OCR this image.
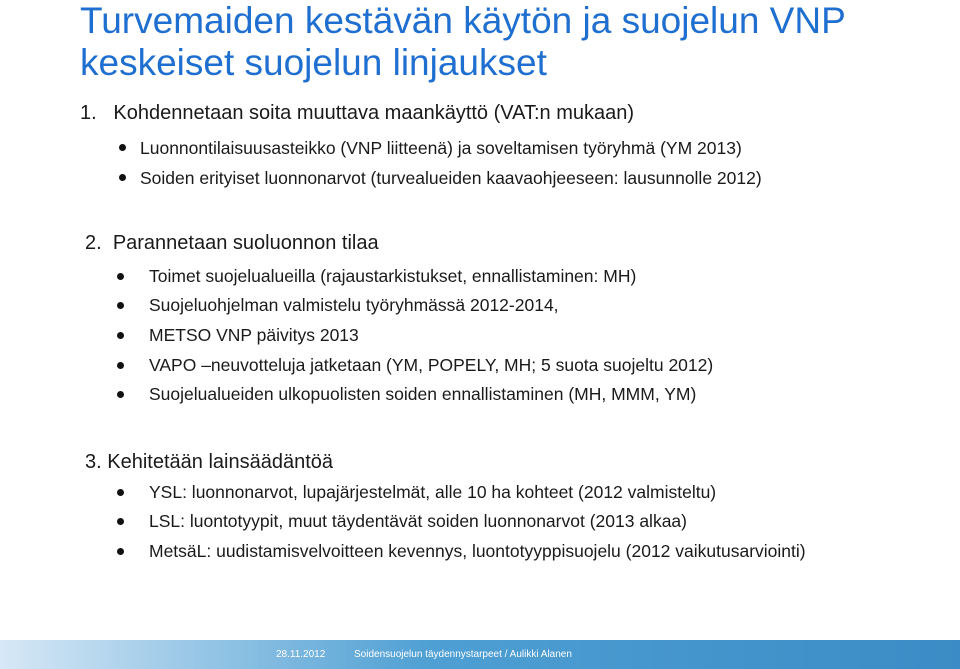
Turvemaiden kestävän käytön ja suojelun VNP
keskeiset suojelun linjaukset
1. Kohdennetaan soita muuttava maankäyttö (VAT:n mukaan)
Luonnontilaisuusasteikko (VNP liitteenä) ja soveltamisen työryhmä (YM 2013)
Soiden erityiset luonnonarvot (turvealueiden kaavaohjeeseen: lausunnolle 2012)
2. Parannetaan suoluonnon tilaa
Toimet suojelualueilla (rajaustarkistukset, ennallistaminen: MH)
Suojeluohjelman valmistelu työryhmässä 2012-2014,
METSO VNP päivitys 2013
VAPO –neuvotteluja jatketaan (YM, POPELY, MH; 5 suota suojeltu 2012)
Suojelualueiden ulkopuolisten soiden ennallistaminen (MH, MMM, YM)
3. Kehitetään lainsäädäntöä
YSL: luonnonarvot, lupajärjestelmät, alle 10 ha kohteet (2012 valmisteltu)
LSL: luontotyypit, muut täydentävät soiden luonnonarvot (2013 alkaa)
MetsäL: uudistamisvelvoitteen kevennys, luontotyyppisuojelu (2012 vaikutusarviointi)
28.11.2012	Soidensuojelun täydennystarpeet / Aulikki Alanen
